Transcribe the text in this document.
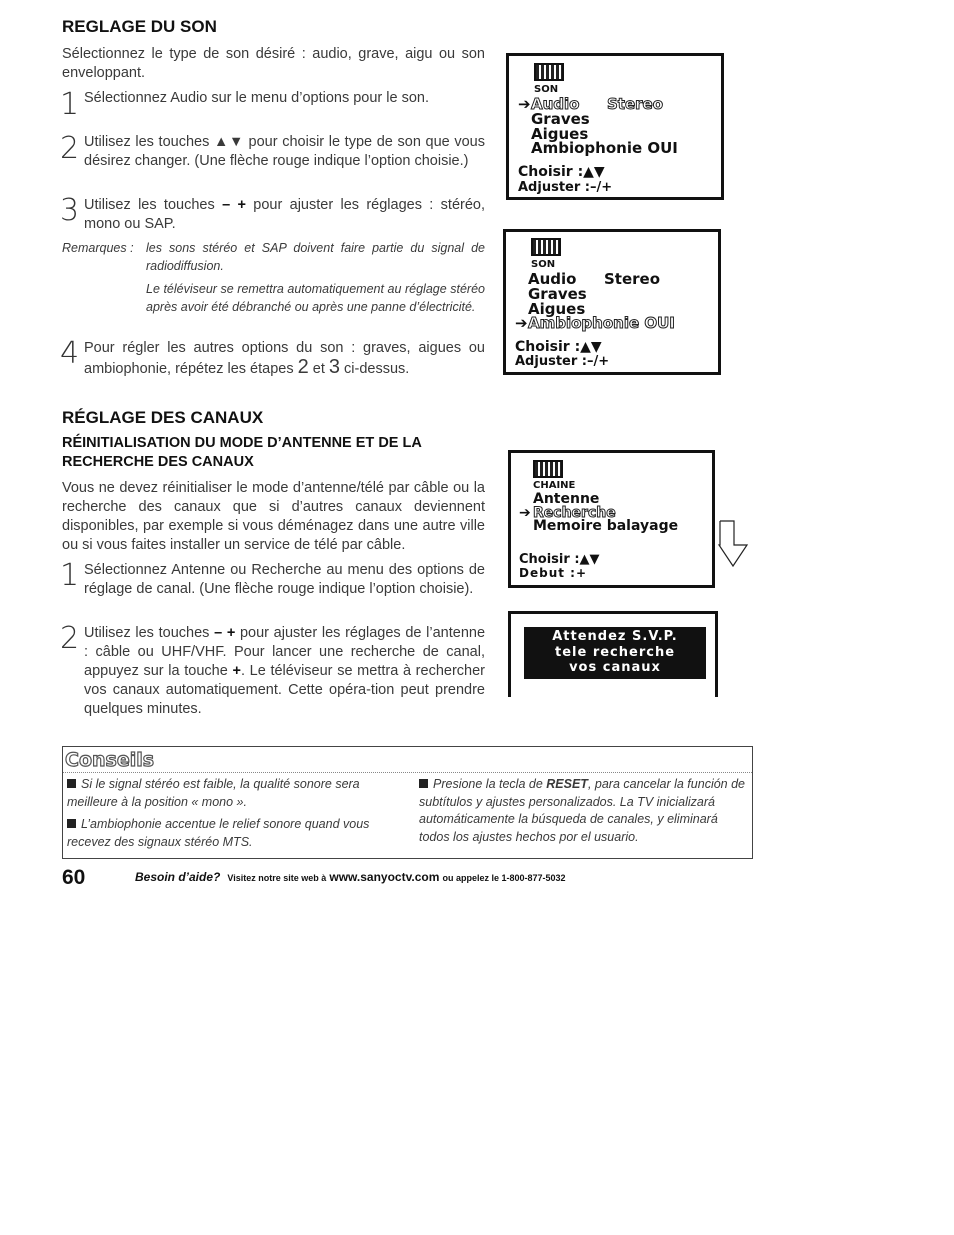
REGLAGE DU SON
Sélectionnez le type de son désiré : audio, grave, aigu ou son enveloppant.
1 Sélectionnez Audio sur le menu d’options pour le son.
2 Utilisez les touches ▲▼ pour choisir le type de son que vous désirez changer. (Une flèche rouge indique l’option choisie.)
3 Utilisez les touches – + pour ajuster les réglages : stéréo, mono ou SAP.
Remarques : les sons stéréo et SAP doivent faire partie du signal de radiodiffusion.
Le téléviseur se remettra automatiquement au réglage stéréo après avoir été débranché ou après une panne d’électricité.
4 Pour régler les autres options du son : graves, aigues ou ambiophonie, répétez les étapes 2 et 3 ci-dessus.
SON
➔ Audio Stereo
Graves
Aigues
Ambiophonie OUI
Choisir :▲▼
Adjuster :–/+
SON
Audio Stereo
Graves
Aigues
➔ Ambiophonie OUI
Choisir :▲▼
Adjuster :–/+
RÉGLAGE DES CANAUX
RÉINITIALISATION DU MODE D’ANTENNE ET DE LA RECHERCHE DES CANAUX
Vous ne devez réinitialiser le mode d’antenne/télé par câble ou la recherche des canaux que si d’autres canaux deviennent disponibles, par exemple si vous déménagez dans une autre ville ou si vous faites installer un service de télé par câble.
1 Sélectionnez Antenne ou Recherche au menu des options de réglage de canal. (Une flèche rouge indique l’option choisie).
2 Utilisez les touches – + pour ajuster les réglages de l’antenne : câble ou UHF/VHF. Pour lancer une recherche de canal, appuyez sur la touche +. Le téléviseur se mettra à rechercher vos canaux automatiquement. Cette opéra-tion peut prendre quelques minutes.
CHAINE
Antenne
➔ Recherche
Memoire balayage
Choisir :▲▼
Debut :+
Attendez S.V.P.
tele recherche
vos canaux
Conseils
Si le signal stéréo est faible, la qualité sonore sera meilleure à la position « mono ».
L’ambiophonie accentue le relief sonore quand vous recevez des signaux stéréo MTS.
Presione la tecla de RESET, para cancelar la función de subtítulos y ajustes personalizados. La TV inicializará automáticamente la búsqueda de canales, y eliminará todos los ajustes hechos por el usuario.
60	Besoin d’aide? Visitez notre site web à www.sanyoctv.com ou appelez le 1-800-877-5032
